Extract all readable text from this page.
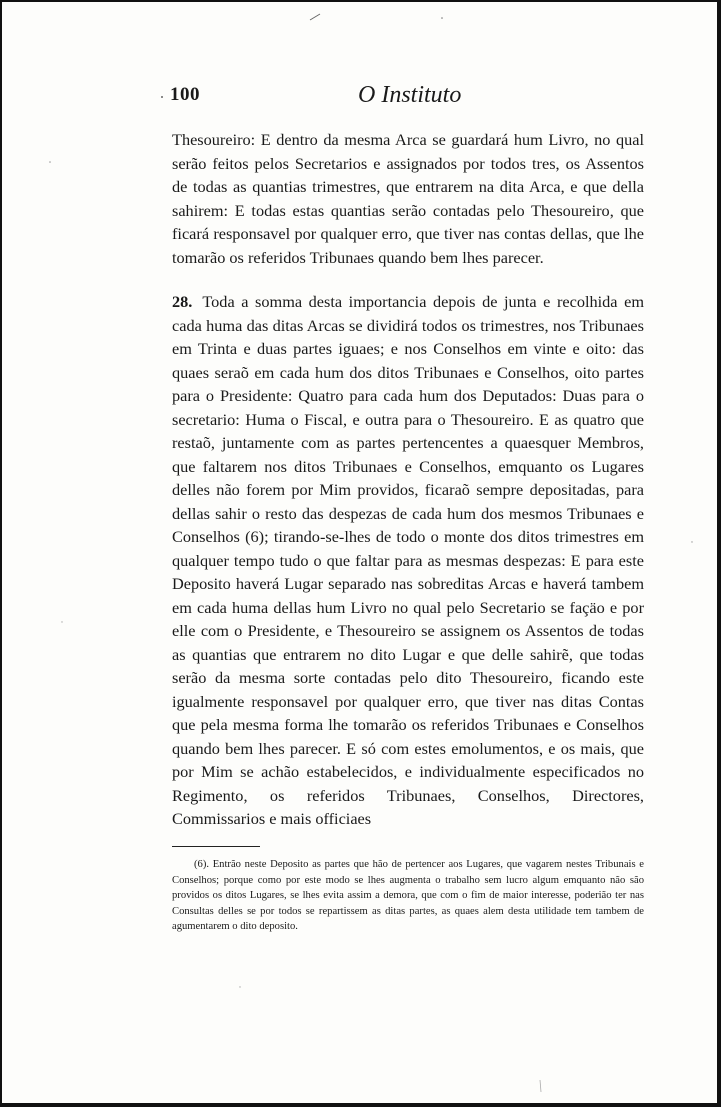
100	O Instituto

Thesoureiro: E dentro da mesma Arca se guardará hum Livro, no qual serão feitos pelos Secretarios e assignados por todos tres, os Assentos de todas as quantias trimestres, que entrarem na dita Arca, e que della sahirem: E todas estas quantias serão contadas pelo Thesoureiro, que ficará responsavel por qualquer erro, que tiver nas contas dellas, que lhe tomarão os referidos Tribunaes quando bem lhes parecer.

28. Toda a somma desta importancia depois de junta e recolhida em cada huma das ditas Arcas se dividirá todos os trimestres, nos Tribunaes em Trinta e duas partes iguaes; e nos Conselhos em vinte e oito: das quaes seraõ em cada hum dos ditos Tribunaes e Conselhos, oito partes para o Presidente: Quatro para cada hum dos Deputados: Duas para o secretario: Huma o Fiscal, e outra para o Thesoureiro. E as quatro que restaõ, juntamente com as partes pertencentes a quaesquer Membros, que faltarem nos ditos Tribunaes e Conselhos, emquanto os Lugares delles não forem por Mim providos, ficaraõ sempre depositadas, para dellas sahir o resto das despezas de cada hum dos mesmos Tribunaes e Conselhos (6); tirando-se-lhes de todo o monte dos ditos trimestres em qualquer tempo tudo o que faltar para as mesmas despezas: E para este Deposito haverá Lugar separado nas sobreditas Arcas e haverá tambem em cada huma dellas hum Livro no qual pelo Secretario se façäo e por elle com o Presidente, e Thesoureiro se assignem os Assentos de todas as quantias que entrarem no dito Lugar e que delle sahirẽ, que todas serão da mesma sorte contadas pelo dito Thesoureiro, ficando este igualmente responsavel por qualquer erro, que tiver nas ditas Contas que pela mesma forma lhe tomarão os referidos Tribunaes e Conselhos quando bem lhes parecer. E só com estes emolumentos, e os mais, que por Mim se achão estabelecidos, e individualmente especificados no Regimento, os referidos Tribunaes, Conselhos, Directores, Commissarios e mais officiaes

(6). Entrão neste Deposito as partes que hão de pertencer aos Lugares, que vagarem nestes Tribunais e Conselhos; porque como por este modo se lhes augmenta o trabalho sem lucro algum emquanto não são providos os ditos Lugares, se lhes evita assim a demora, que com o fim de maior interesse, poderião ter nas Consultas delles se por todos se repartissem as ditas partes, as quaes alem desta utilidade tem tambem de agumentarem o dito deposito.
